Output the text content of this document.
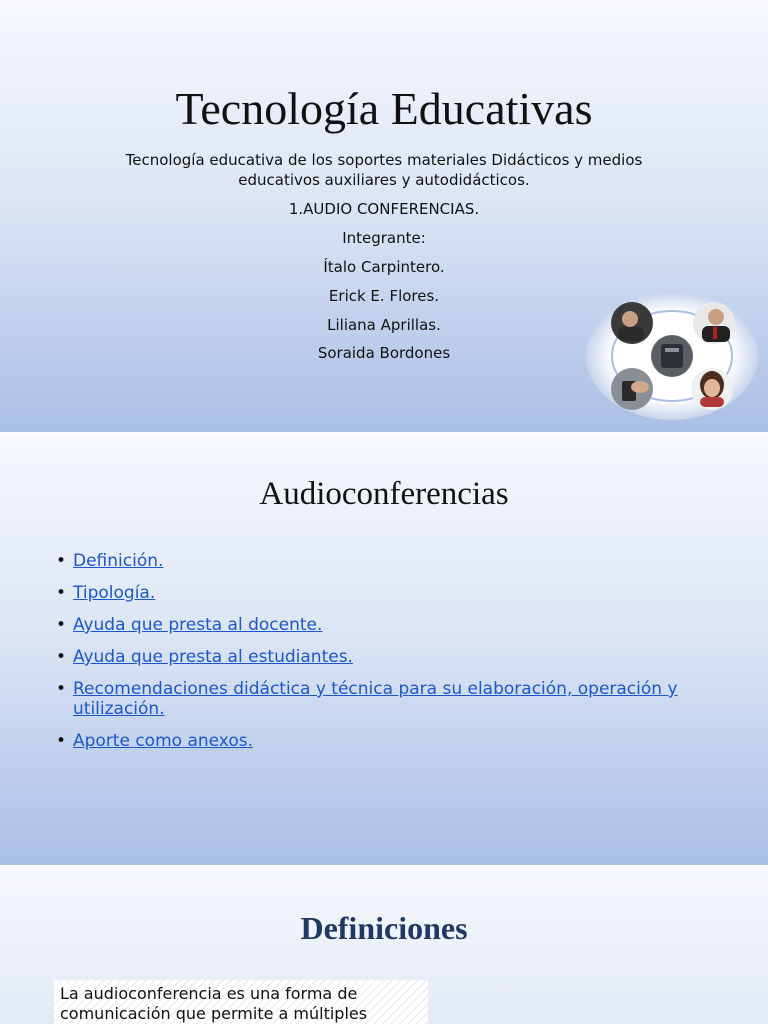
Tecnología Educativas
Tecnología educativa de los soportes materiales Didácticos y medios
educativos auxiliares y autodidácticos.
1.AUDIO CONFERENCIAS.
Integrante:
Ítalo Carpintero.
Erick E. Flores.
Liliana Aprillas.
Soraida Bordones
Audioconferencias
• Definición.
• Tipología.
• Ayuda que presta al docente.
• Ayuda que presta al estudiantes.
• Recomendaciones didáctica y técnica para su elaboración, operación y utilización.
• Aporte como anexos.
Definiciones
La audioconferencia es una forma de comunicación que permite a múltiples
